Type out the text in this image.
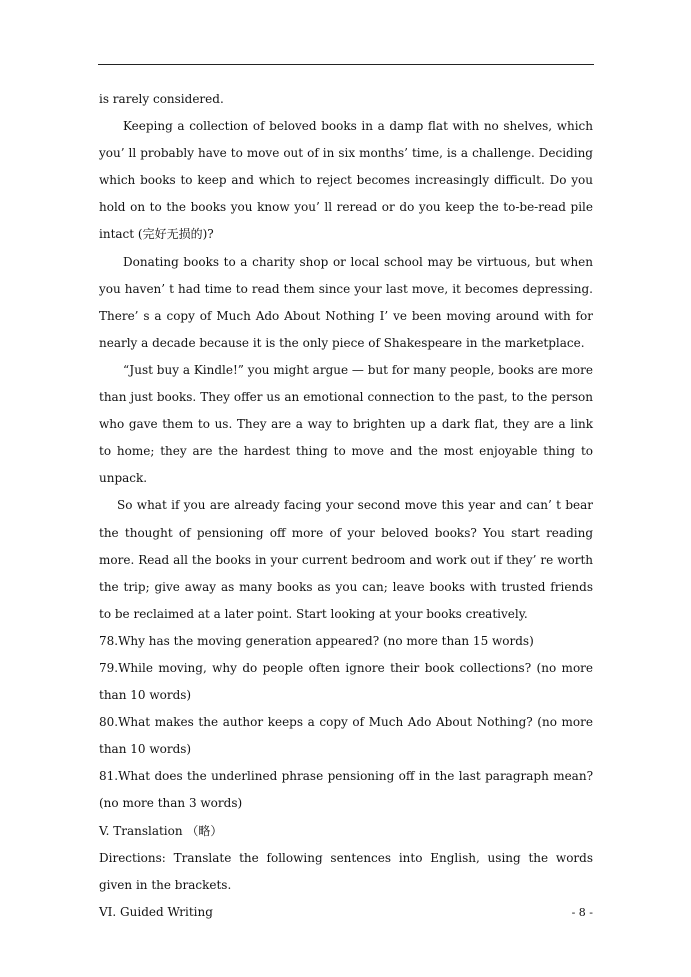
is rarely considered.

Keeping a collection of beloved books in a damp flat with no shelves, which you’ ll probably have to move out of in six months’ time, is a challenge. Deciding which books to keep and which to reject becomes increasingly difficult. Do you hold on to the books you know you’ ll reread or do you keep the to-be-read pile intact (完好无损的)?

Donating books to a charity shop or local school may be virtuous, but when you haven’ t had time to read them since your last move, it becomes depressing. There’ s a copy of Much Ado About Nothing I’ ve been moving around with for nearly a decade because it is the only piece of Shakespeare in the marketplace.

“Just buy a Kindle!” you might argue — but for many people, books are more than just books. They offer us an emotional connection to the past, to the person who gave them to us. They are a way to brighten up a dark flat, they are a link to home; they are the hardest thing to move and the most enjoyable thing to unpack.

So what if you are already facing your second move this year and can’ t bear the thought of pensioning off more of your beloved books? You start reading more. Read all the books in your current bedroom and work out if they’ re worth the trip; give away as many books as you can; leave books with trusted friends to be reclaimed at a later point. Start looking at your books creatively.

78.Why has the moving generation appeared? (no more than 15 words)

79.While moving, why do people often ignore their book collections? (no more than 10 words)

80.What makes the author keeps a copy of Much Ado About Nothing? (no more than 10 words)

81.What does the underlined phrase pensioning off in the last paragraph mean? (no more than 3 words)

V. Translation （略）

Directions: Translate the following sentences into English, using the words given in the brackets.

VI. Guided Writing	- 8 -
